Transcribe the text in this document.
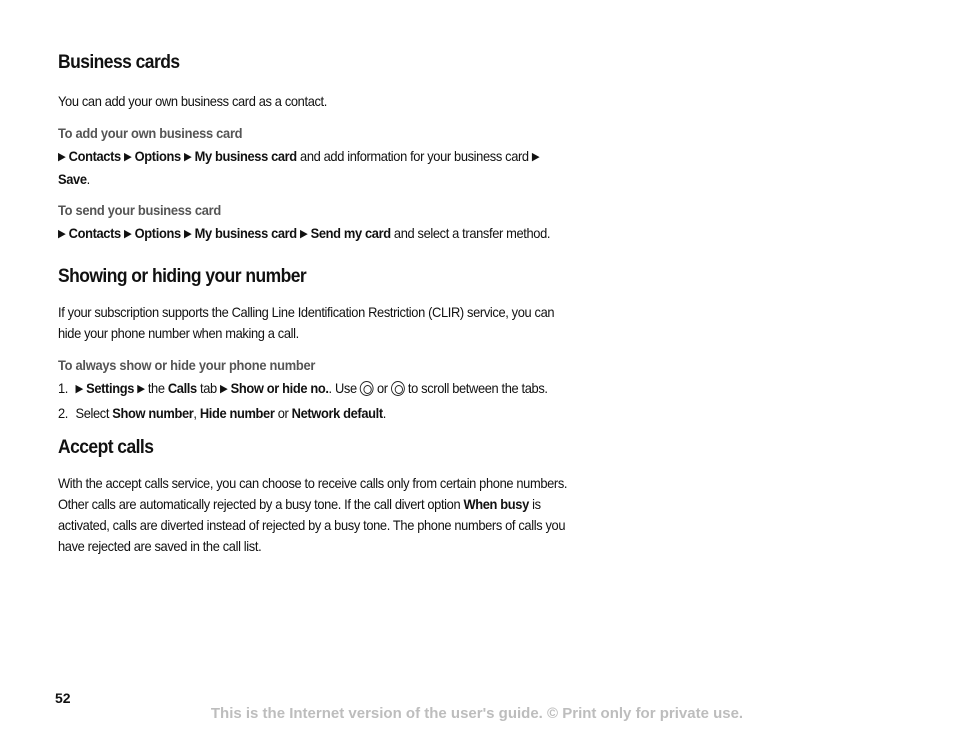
Business cards

You can add your own business card as a contact.

To add your own business card

▶ Contacts ▶ Options ▶ My business card and add information for your business card ▶ Save.

To send your business card

▶ Contacts ▶ Options ▶ My business card ▶ Send my card and select a transfer method.

Showing or hiding your number

If your subscription supports the Calling Line Identification Restriction (CLIR) service, you can hide your phone number when making a call.

To always show or hide your phone number
1. ▶ Settings ▶ the Calls tab ▶ Show or hide no.. Use  or  to scroll between the tabs.
2. Select Show number, Hide number or Network default.
Accept calls

With the accept calls service, you can choose to receive calls only from certain phone numbers. Other calls are automatically rejected by a busy tone. If the call divert option When busy is activated, calls are diverted instead of rejected by a busy tone. The phone numbers of calls you have rejected are saved in the call list.

52
This is the Internet version of the user's guide. © Print only for private use.
